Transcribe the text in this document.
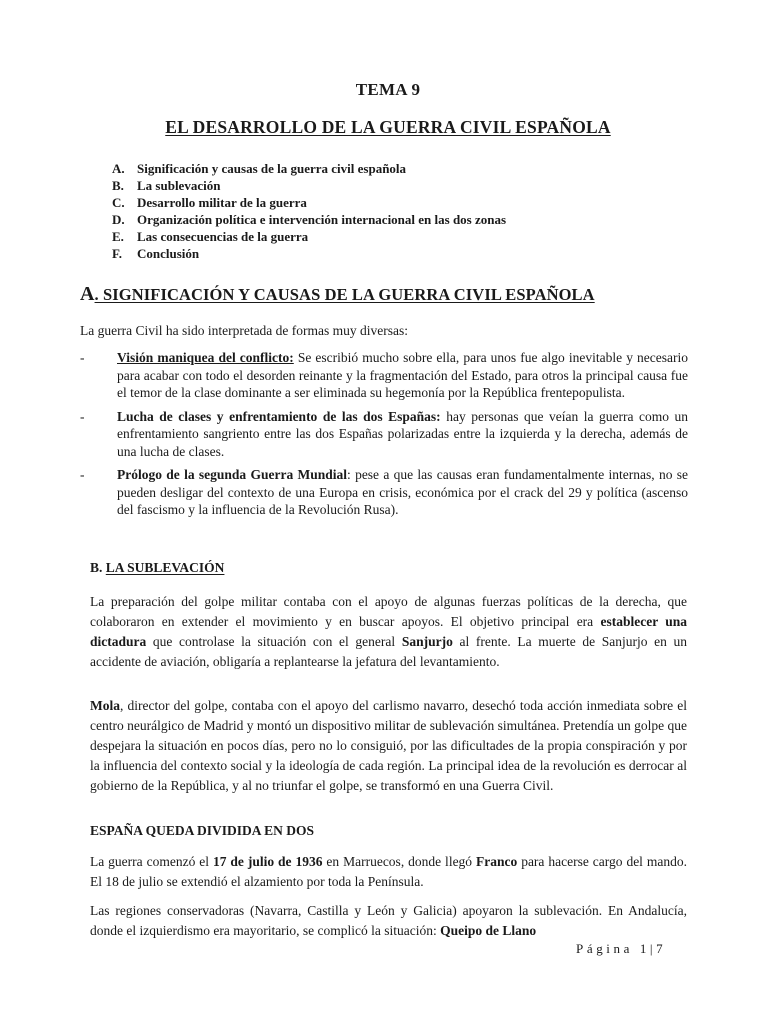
TEMA 9
EL DESARROLLO DE LA GUERRA CIVIL ESPAÑOLA
A. Significación y causas de la guerra civil española
B.	La sublevación
C. Desarrollo militar de la guerra
D. Organización política e intervención internacional en las dos zonas
E.	Las consecuencias de la guerra
F.	Conclusión
A. SIGNIFICACIÓN Y CAUSAS DE LA GUERRA CIVIL ESPAÑOLA
La guerra Civil ha sido interpretada de formas muy diversas:
- Visión maniquea del conflicto: Se escribió mucho sobre ella, para unos fue algo inevitable y necesario para acabar con todo el desorden reinante y la fragmentación del Estado, para otros la principal causa fue el temor de la clase dominante a ser eliminada su hegemonía por la República frentepopulista.
- Lucha de clases y enfrentamiento de las dos Españas: hay personas que veían la guerra como un enfrentamiento sangriento entre las dos Españas polarizadas entre la izquierda y la derecha, además de una lucha de clases.
- Prólogo de la segunda Guerra Mundial: pese a que las causas eran fundamentalmente internas, no se pueden desligar del contexto de una Europa en crisis, económica por el crack del 29 y política (ascenso del fascismo y la influencia de la Revolución Rusa).
B. LA SUBLEVACIÓN

La preparación del golpe militar contaba con el apoyo de algunas fuerzas políticas de la derecha, que colaboraron en extender el movimiento y en buscar apoyos. El objetivo principal era establecer una dictadura que controlase la situación con el general Sanjurjo al frente. La muerte de Sanjurjo en un accidente de aviación, obligaría a replantearse la jefatura del levantamiento.

Mola, director del golpe, contaba con el apoyo del carlismo navarro, desechó toda acción inmediata sobre el centro neurálgico de Madrid y montó un dispositivo militar de sublevación simultánea. Pretendía un golpe que despejara la situación en pocos días, pero no lo consiguió, por las dificultades de la propia conspiración y por la influencia del contexto social y la ideología de cada región. La principal idea de la revolución es derrocar al gobierno de la República, y al no triunfar el golpe, se transformó en una Guerra Civil.

ESPAÑA QUEDA DIVIDIDA EN DOS

La guerra comenzó el 17 de julio de 1936 en Marruecos, donde llegó Franco para hacerse cargo del mando. El 18 de julio se extendió el alzamiento por toda la Península.

Las regiones conservadoras (Navarra, Castilla y León y Galicia) apoyaron la sublevación. En Andalucía, donde el izquierdismo era mayoritario, se complicó la situación: Queipo de Llano

Página 1|7
